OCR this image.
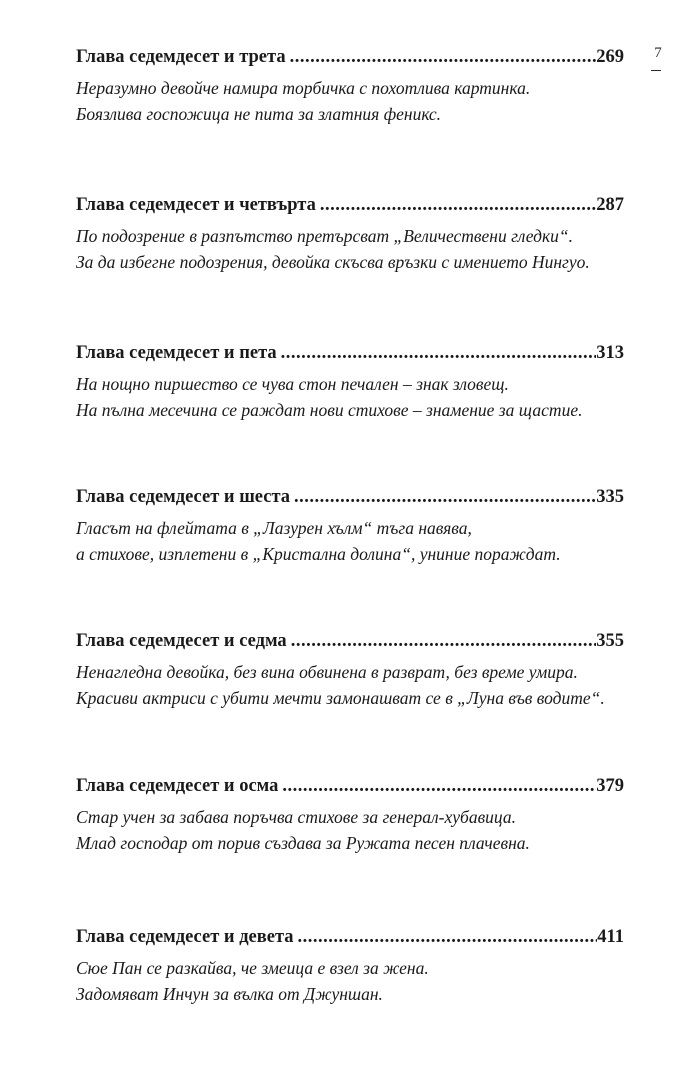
7
Глава седемдесет и трета .....	269
Неразумно девойче намира торбичка с похотлива картинка.
Боязлива госпожица не пита за златния феникс.
Глава седемдесет и четвърта .....	287
По подозрение в разпътство претърсват „Величествени гледки“.
За да избегне подозрения, девойка скъсва връзки с имението Нингуо.
Глава седемдесет и пета .....	313
На нощно пиршество се чува стон печален – знак зловещ.
На пълна месечина се раждат нови стихове – знамение за щастие.
Глава седемдесет и шеста .....	335
Гласът на флейтата в „Лазурен хълм“ тъга навява,
а стихове, изплетени в „Кристална долина“, униние пораждат.
Глава седемдесет и седма .....	355
Ненагледна девойка, без вина обвинена в разврат, без време умира.
Красиви актриси с убити мечти замонашват се в „Луна във водите“.
Глава седемдесет и осма .....	379
Стар учен за забава поръчва стихове за генерал-хубавица.
Млад господар от порив създава за Ружата песен плачевна.
Глава седемдесет и девета .....	411
Сюе Пан се разкайва, че змеица е взел за жена.
Задомяват Инчун за вълка от Джуншан.
